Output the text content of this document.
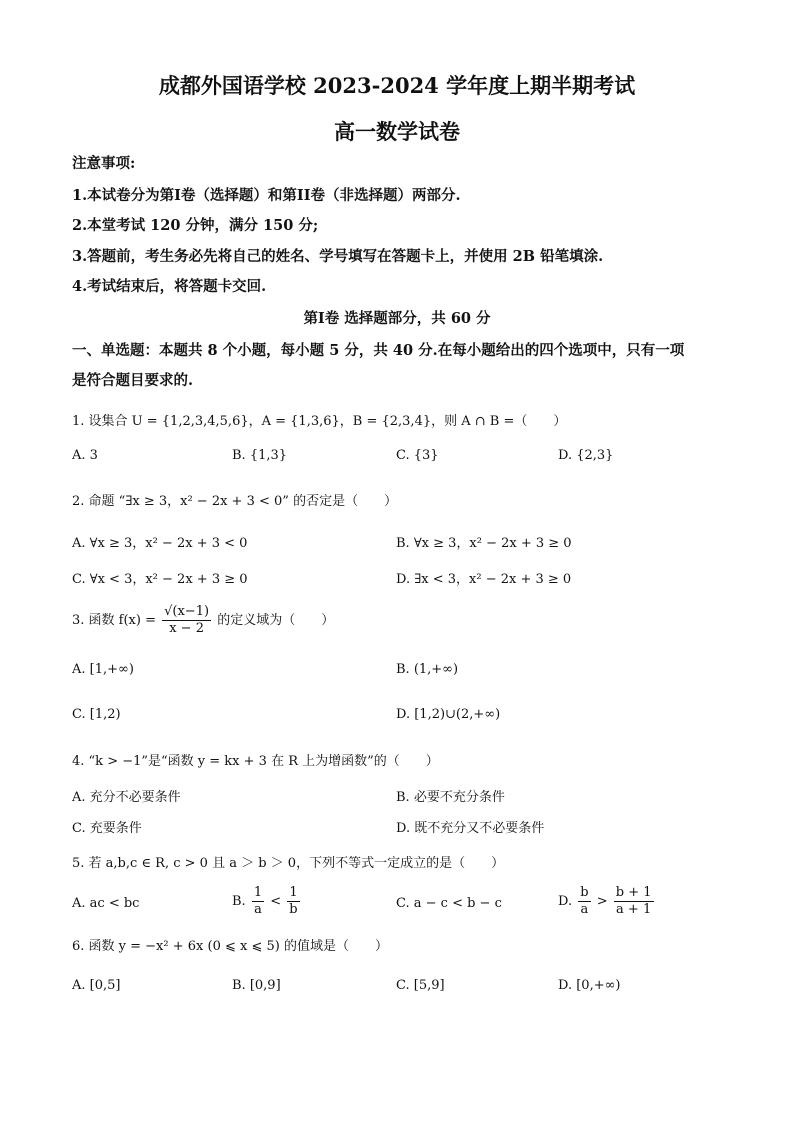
成都外国语学校 2023-2024 学年度上期半期考试
高一数学试卷
注意事项:
1.本试卷分为第I卷（选择题）和第II卷（非选择题）两部分.
2.本堂考试 120 分钟，满分 150 分;
3.答题前，考生务必先将自己的姓名、学号填写在答题卡上，并使用 2B 铅笔填涂.
4.考试结束后，将答题卡交回.
第I卷 选择题部分，共 60 分
一、单选题：本题共 8 个小题，每小题 5 分，共 40 分.在每小题给出的四个选项中，只有一项
是符合题目要求的.
1. 设集合 U = {1,2,3,4,5,6}，A = {1,3,6}，B = {2,3,4}，则 A ∩ B =（　　）
A. 3	B. {1,3}	C. {3}	D. {2,3}
2. 命题 “∃x ≥ 3，x² − 2x + 3 < 0” 的否定是（　　）
A. ∀x ≥ 3，x² − 2x + 3 < 0	B. ∀x ≥ 3，x² − 2x + 3 ≥ 0
C. ∀x < 3，x² − 2x + 3 ≥ 0	D. ∃x < 3，x² − 2x + 3 ≥ 0
3. 函数 $f(x) = \frac{√(x-1)}{x - 2}$ 的定义域为（　　）
A. [1,+∞)	B. (1,+∞)
C. [1,2)	D. [1,2)∪(2,+∞)
4. “k > −1”是“函数 y = kx + 3 在 R 上为增函数”的（　　）
A. 充分不必要条件	B. 必要不充分条件
C. 充要条件	D. 既不充分又不必要条件
5. 若 a,b,c ∈ R, c > 0 且 a ＞ b ＞ 0，下列不等式一定成立的是（　　）
A. ac < bc	B. $\frac{1}{a} < \frac{1}{b}$	C. a − c < b − c	D. $\frac{b}{a} > \frac{b + 1}{a + 1}$
6. 函数 y = −x² + 6x (0 ⩽ x ⩽ 5) 的值域是（　　）
A. [0,5]	B. [0,9]	C. [5,9]	D. [0,+∞)
